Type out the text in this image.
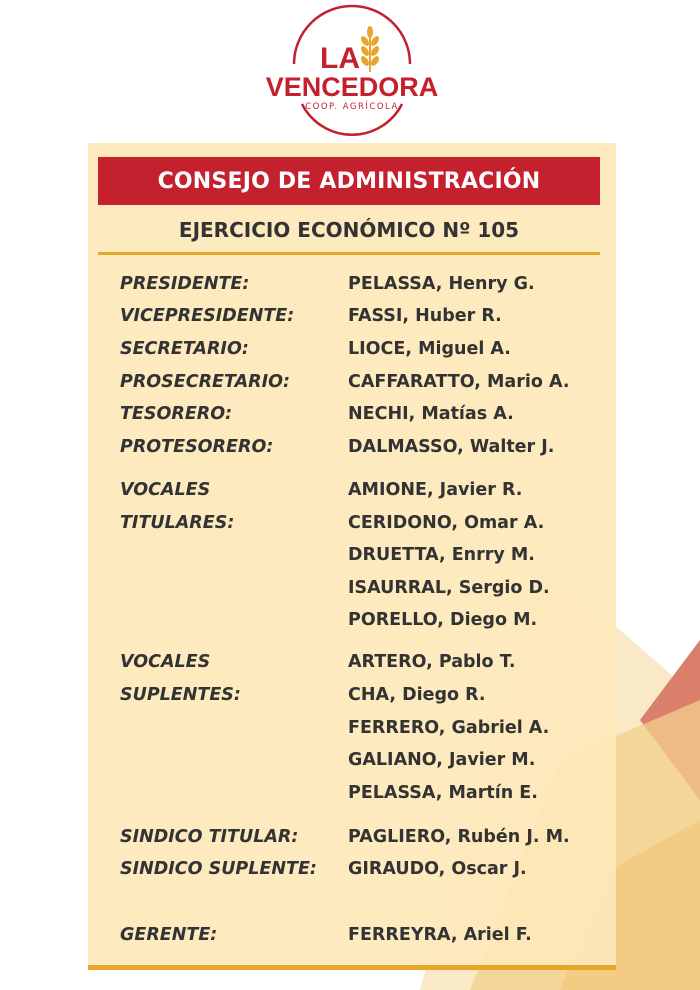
LA
VENCEDORA
COOP. AGRÍCOLA
CONSEJO DE ADMINISTRACIÓN
EJERCICIO ECONÓMICO Nº 105
PRESIDENTE:	PELASSA, Henry G.
VICEPRESIDENTE:	FASSI, Huber R.
SECRETARIO:	LIOCE, Miguel A.
PROSECRETARIO:	CAFFARATTO, Mario A.
TESORERO:	NECHI, Matías A.
PROTESORERO:	DALMASSO, Walter J.
VOCALES	AMIONE, Javier R.
TITULARES:	CERIDONO, Omar A.
DRUETTA, Enrry M.
ISAURRAL, Sergio D.
PORELLO, Diego M.
VOCALES	ARTERO, Pablo T.
SUPLENTES:	CHA, Diego R.
FERRERO, Gabriel A.
GALIANO, Javier M.
PELASSA, Martín E.
SINDICO TITULAR:	PAGLIERO, Rubén J. M.
SINDICO SUPLENTE: GIRAUDO, Oscar J.
GERENTE:	FERREYRA, Ariel F.
